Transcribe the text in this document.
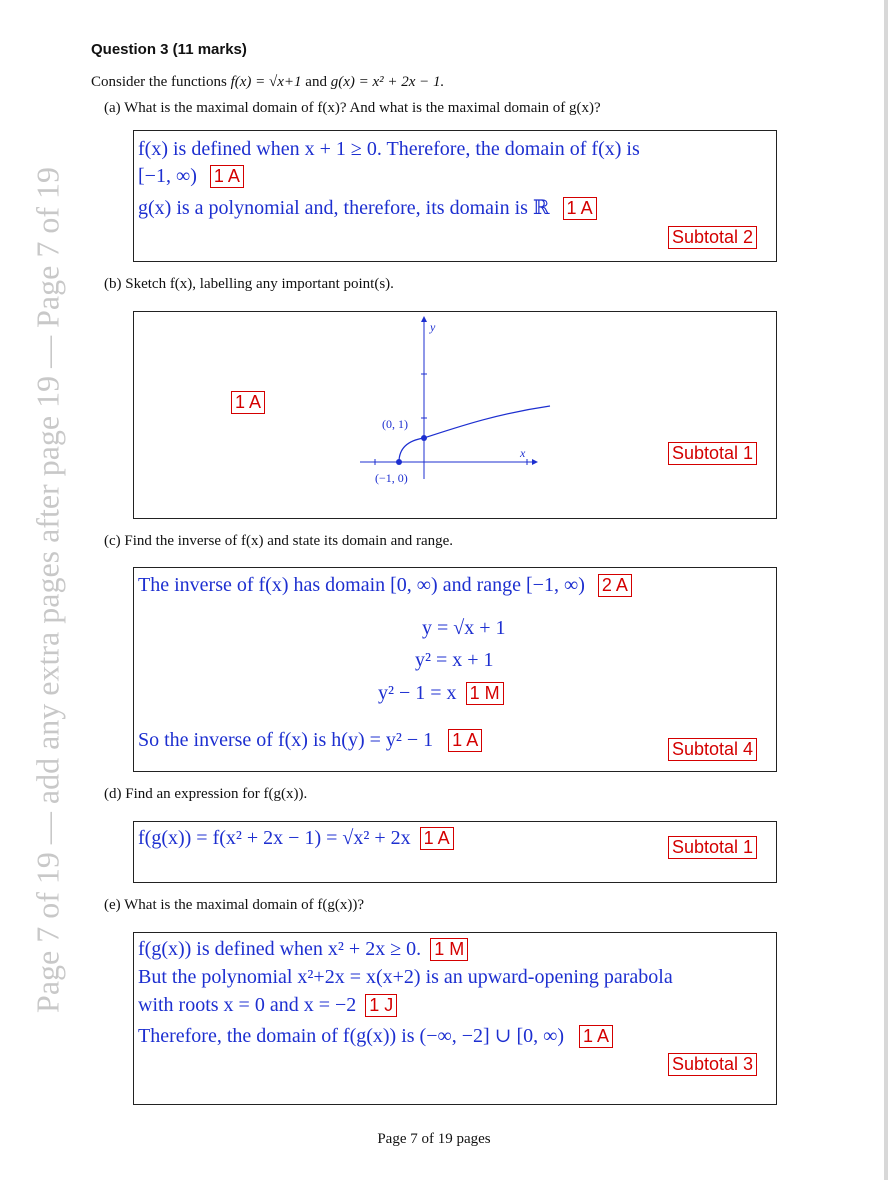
Page 7 of 19 — add any extra pages after page 19 — Page 7 of 19
Question 3 (11 marks)
Consider the functions f(x) = √x+1 and g(x) = x² + 2x − 1.
(a) What is the maximal domain of f(x)? And what is the maximal domain of g(x)?
f(x) is defined when x + 1 ≥ 0. Therefore, the domain of f(x) is
[−1, ∞) 1 A
g(x) is a polynomial and, therefore, its domain is ℝ 1 A
Subtotal 2
(b) Sketch f(x), labelling any important point(s).
1 A
Subtotal 1
y
x
(0, 1)
(−1, 0)
(c) Find the inverse of f(x) and state its domain and range.
The inverse of f(x) has domain [0, ∞) and range [−1, ∞) 2 A
y = √x + 1
y² = x + 1
y² − 1 = x 1 M
So the inverse of f(x) is h(y) = y² − 1 1 A	Subtotal 4
(d) Find an expression for f(g(x)).
f(g(x)) = f(x² + 2x − 1) = √x² + 2x 1 A	Subtotal 1
(e) What is the maximal domain of f(g(x))?
f(g(x)) is defined when x² + 2x ≥ 0. 1 M
But the polynomial x²+2x = x(x+2) is an upward-opening parabola
with roots x = 0 and x = −2 1 J
Therefore, the domain of f(g(x)) is (−∞, −2] ∪ [0, ∞) 1 A
Subtotal 3
Page 7 of 19 pages
